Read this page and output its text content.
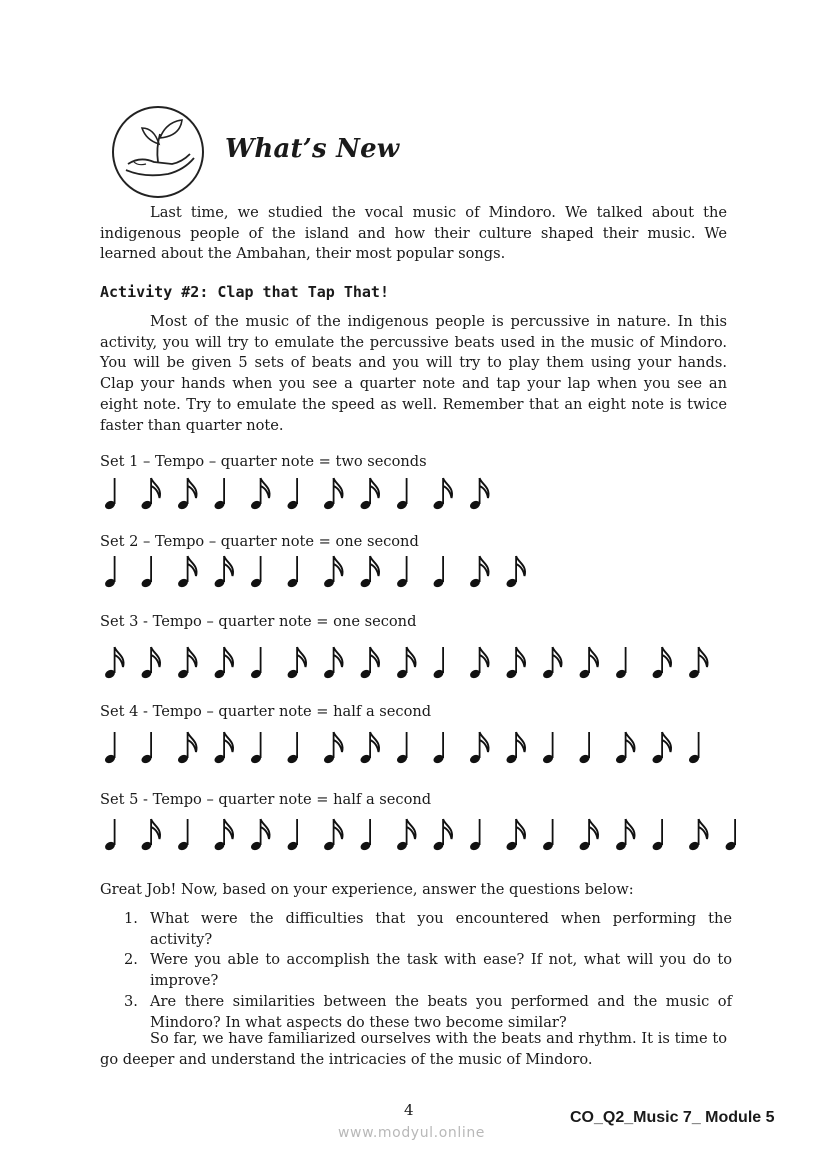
What’s New

Last time, we studied the vocal music of Mindoro. We talked about the indigenous people of the island and how their culture shaped their music. We learned about the Ambahan, their most popular songs.

Activity #2: Clap that Tap That!

Most of the music of the indigenous people is percussive in nature. In this activity, you will try to emulate the percussive beats used in the music of Mindoro. You will be given 5 sets of beats and you will try to play them using your hands. Clap your hands when you see a quarter note and tap your lap when you see an eight note. Try to emulate the speed as well. Remember that an eight note is twice faster than quarter note.

Set 1 – Tempo – quarter note = two seconds
Set 2 – Tempo – quarter note = one second
Set 3 - Tempo – quarter note = one second
Set 4 - Tempo – quarter note = half a second
Set 5 - Tempo – quarter note = half a second
Great Job! Now, based on your experience, answer the questions below:
1. What were the difficulties that you encountered when performing the activity?
2. Were you able to accomplish the task with ease? If not, what will you do to improve?
3. Are there similarities between the beats you performed and the music of Mindoro? In what aspects do these two become similar?

So far, we have familiarized ourselves with the beats and rhythm. It is time to go deeper and understand the intricacies of the music of Mindoro.

4	CO_Q2_Music 7_ Module 5
www.modyul.online
